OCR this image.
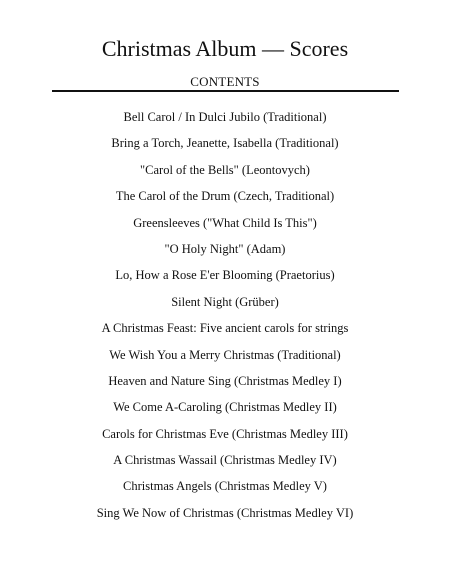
Christmas Album — Scores
CONTENTS
Bell Carol / In Dulci Jubilo (Traditional)
Bring a Torch, Jeanette, Isabella (Traditional)
"Carol of the Bells" (Leontovych)
The Carol of the Drum (Czech, Traditional)
Greensleeves ("What Child Is This")
"O Holy Night" (Adam)
Lo, How a Rose E'er Blooming (Praetorius)
Silent Night (Grüber)
A Christmas Feast: Five ancient carols for strings
We Wish You a Merry Christmas (Traditional)
Heaven and Nature Sing (Christmas Medley I)
We Come A-Caroling (Christmas Medley II)
Carols for Christmas Eve (Christmas Medley III)
A Christmas Wassail (Christmas Medley IV)
Christmas Angels (Christmas Medley V)
Sing We Now of Christmas (Christmas Medley VI)
